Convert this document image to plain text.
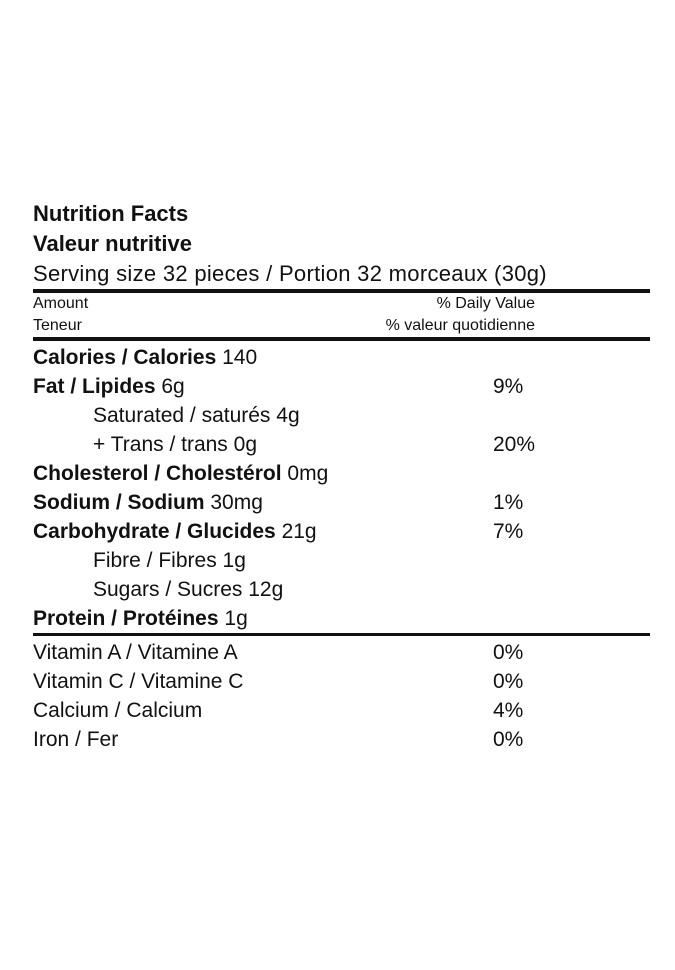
Nutrition Facts
Valeur nutritive
Serving size 32 pieces / Portion 32 morceaux (30g)
Amount	% Daily Value
Teneur	% valeur quotidienne
Calories / Calories 140
Fat / Lipides 6g	9%
Saturated / saturés 4g
+ Trans / trans 0g	20%
Cholesterol / Cholestérol 0mg
Sodium / Sodium 30mg	1%
Carbohydrate / Glucides 21g	7%
Fibre / Fibres 1g
Sugars / Sucres 12g
Protein / Protéines 1g
Vitamin A / Vitamine A	0%
Vitamin C / Vitamine C	0%
Calcium / Calcium	4%
Iron / Fer	0%
